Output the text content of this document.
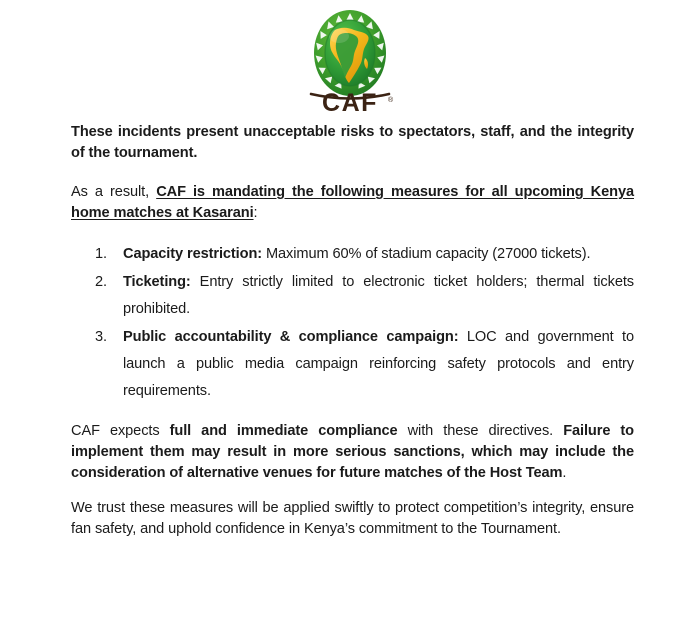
CAF ®

These incidents present unacceptable risks to spectators, staff, and the integrity of the tournament.

As a result, CAF is mandating the following measures for all upcoming Kenya home matches at Kasarani:

1.	Capacity restriction: Maximum 60% of stadium capacity (27000 tickets).
2.	Ticketing: Entry strictly limited to electronic ticket holders; thermal tickets prohibited.
3.	Public accountability & compliance campaign: LOC and government to launch a public media campaign reinforcing safety protocols and entry requirements.

CAF expects full and immediate compliance with these directives. Failure to implement them may result in more serious sanctions, which may include the consideration of alternative venues for future matches of the Host Team.

We trust these measures will be applied swiftly to protect competition’s integrity, ensure fan safety, and uphold confidence in Kenya’s commitment to the Tournament.
